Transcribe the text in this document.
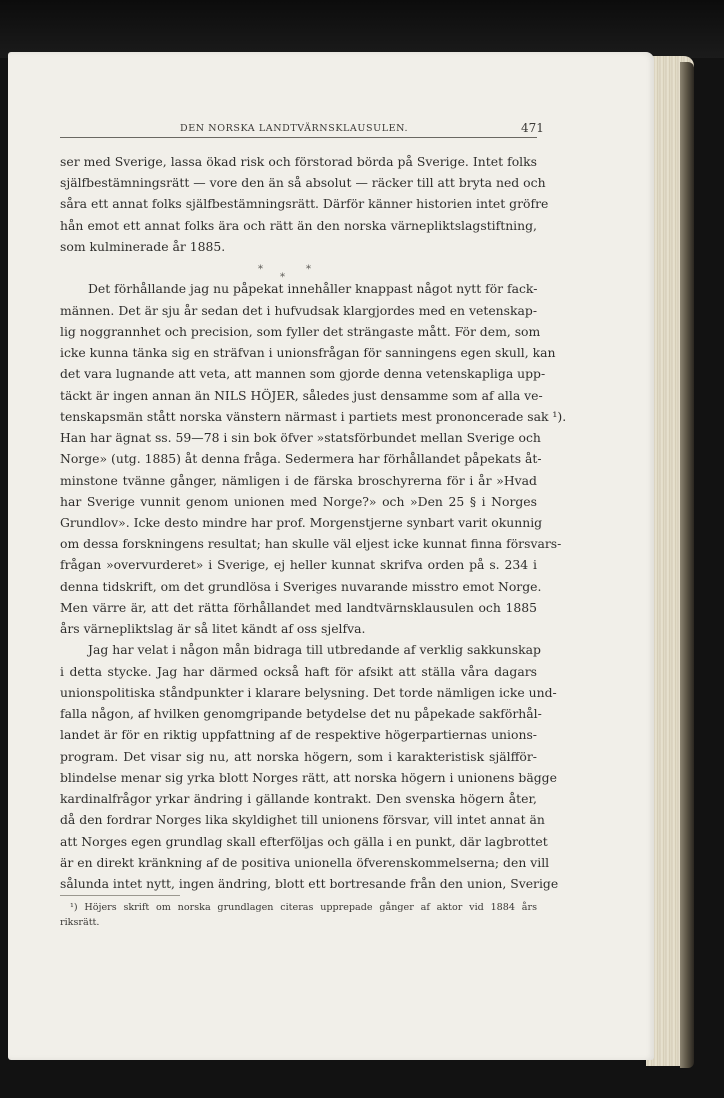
DEN NORSKA LANDTVÄRNSKLAUSULEN.	471
ser med Sverige, lassa ökad risk och förstorad börda på Sverige. Intet folks
själfbestämningsrätt — vore den än så absolut — räcker till att bryta ned och
såra ett annat folks själfbestämningsrätt. Därför känner historien intet gröfre
hån emot ett annat folks ära och rätt än den norska värnepliktslagstiftning,
som kulminerade år 1885.
*
*
*
Det förhållande jag nu påpekat innehåller knappast något nytt för fack-
männen. Det är sju år sedan det i hufvudsak klargjordes med en vetenskap-
lig noggrannhet och precision, som fyller det strängaste mått. För dem, som
icke kunna tänka sig en sträfvan i unionsfrågan för sanningens egen skull, kan
det vara lugnande att veta, att mannen som gjorde denna vetenskapliga upp-
täckt är ingen annan än NILS HÖJER, således just densamme som af alla ve-
tenskapsmän stått norska vänstern närmast i partiets mest prononcerade sak ¹).
Han har ägnat ss. 59—78 i sin bok öfver »statsförbundet mellan Sverige och
Norge» (utg. 1885) åt denna fråga. Sedermera har förhållandet påpekats åt-
minstone tvänne gånger, nämligen i de färska broschyrerna för i år »Hvad
har Sverige vunnit genom unionen med Norge?» och »Den 25 § i Norges
Grundlov». Icke desto mindre har prof. Morgenstjerne synbart varit okunnig
om dessa forskningens resultat; han skulle väl eljest icke kunnat finna försvars-
frågan »overvurderet» i Sverige, ej heller kunnat skrifva orden på s. 234 i
denna tidskrift, om det grundlösa i Sveriges nuvarande misstro emot Norge.
Men värre är, att det rätta förhållandet med landtvärnsklausulen och 1885
års värnepliktslag är så litet kändt af oss sjelfva.
Jag har velat i någon mån bidraga till utbredande af verklig sakkunskap
i detta stycke. Jag har därmed också haft för afsikt att ställa våra dagars
unionspolitiska ståndpunkter i klarare belysning. Det torde nämligen icke und-
falla någon, af hvilken genomgripande betydelse det nu påpekade sakförhål-
landet är för en riktig uppfattning af de respektive högerpartiernas unions-
program. Det visar sig nu, att norska högern, som i karakteristisk själfför-
blindelse menar sig yrka blott Norges rätt, att norska högern i unionens bägge
kardinalfrågor yrkar ändring i gällande kontrakt. Den svenska högern åter,
då den fordrar Norges lika skyldighet till unionens försvar, vill intet annat än
att Norges egen grundlag skall efterföljas och gälla i en punkt, där lagbrottet
är en direkt kränkning af de positiva unionella öfverenskommelserna; den vill
sålunda intet nytt, ingen ändring, blott ett bortresande från den union, Sverige
¹) Höjers skrift om norska grundlagen citeras upprepade gånger af aktor vid 1884 års
riksrätt.
